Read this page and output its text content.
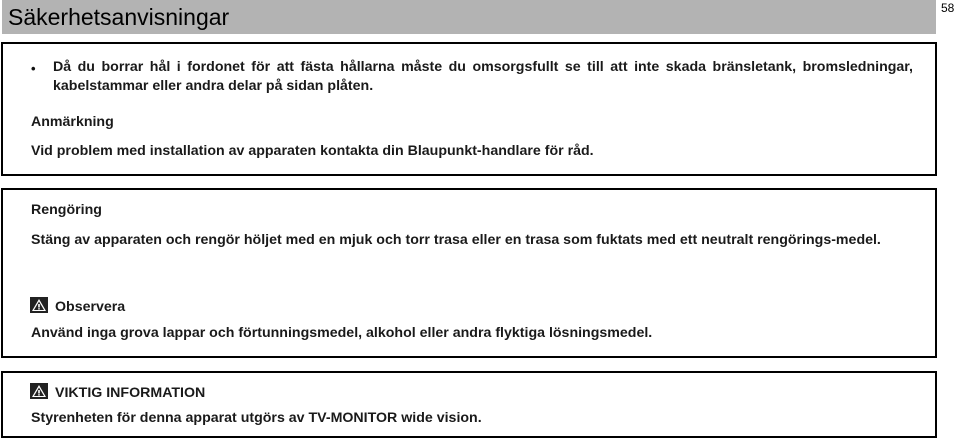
Säkerhetsanvisningar	58
• Då du borrar hål i fordonet för att fästa hållarna måste du omsorgsfullt se till att inte skada bränsletank, bromsledningar, kabelstammar eller andra delar på sidan plåten.
Anmärkning
Vid problem med installation av apparaten kontakta din Blaupunkt-handlare för råd.
Rengöring
Stäng av apparaten och rengör höljet med en mjuk och torr trasa eller en trasa som fuktats med ett neutralt rengörings-medel.
Observera
Använd inga grova lappar och förtunningsmedel, alkohol eller andra flyktiga lösningsmedel.
VIKTIG INFORMATION
Styrenheten för denna apparat utgörs av TV-MONITOR wide vision.
